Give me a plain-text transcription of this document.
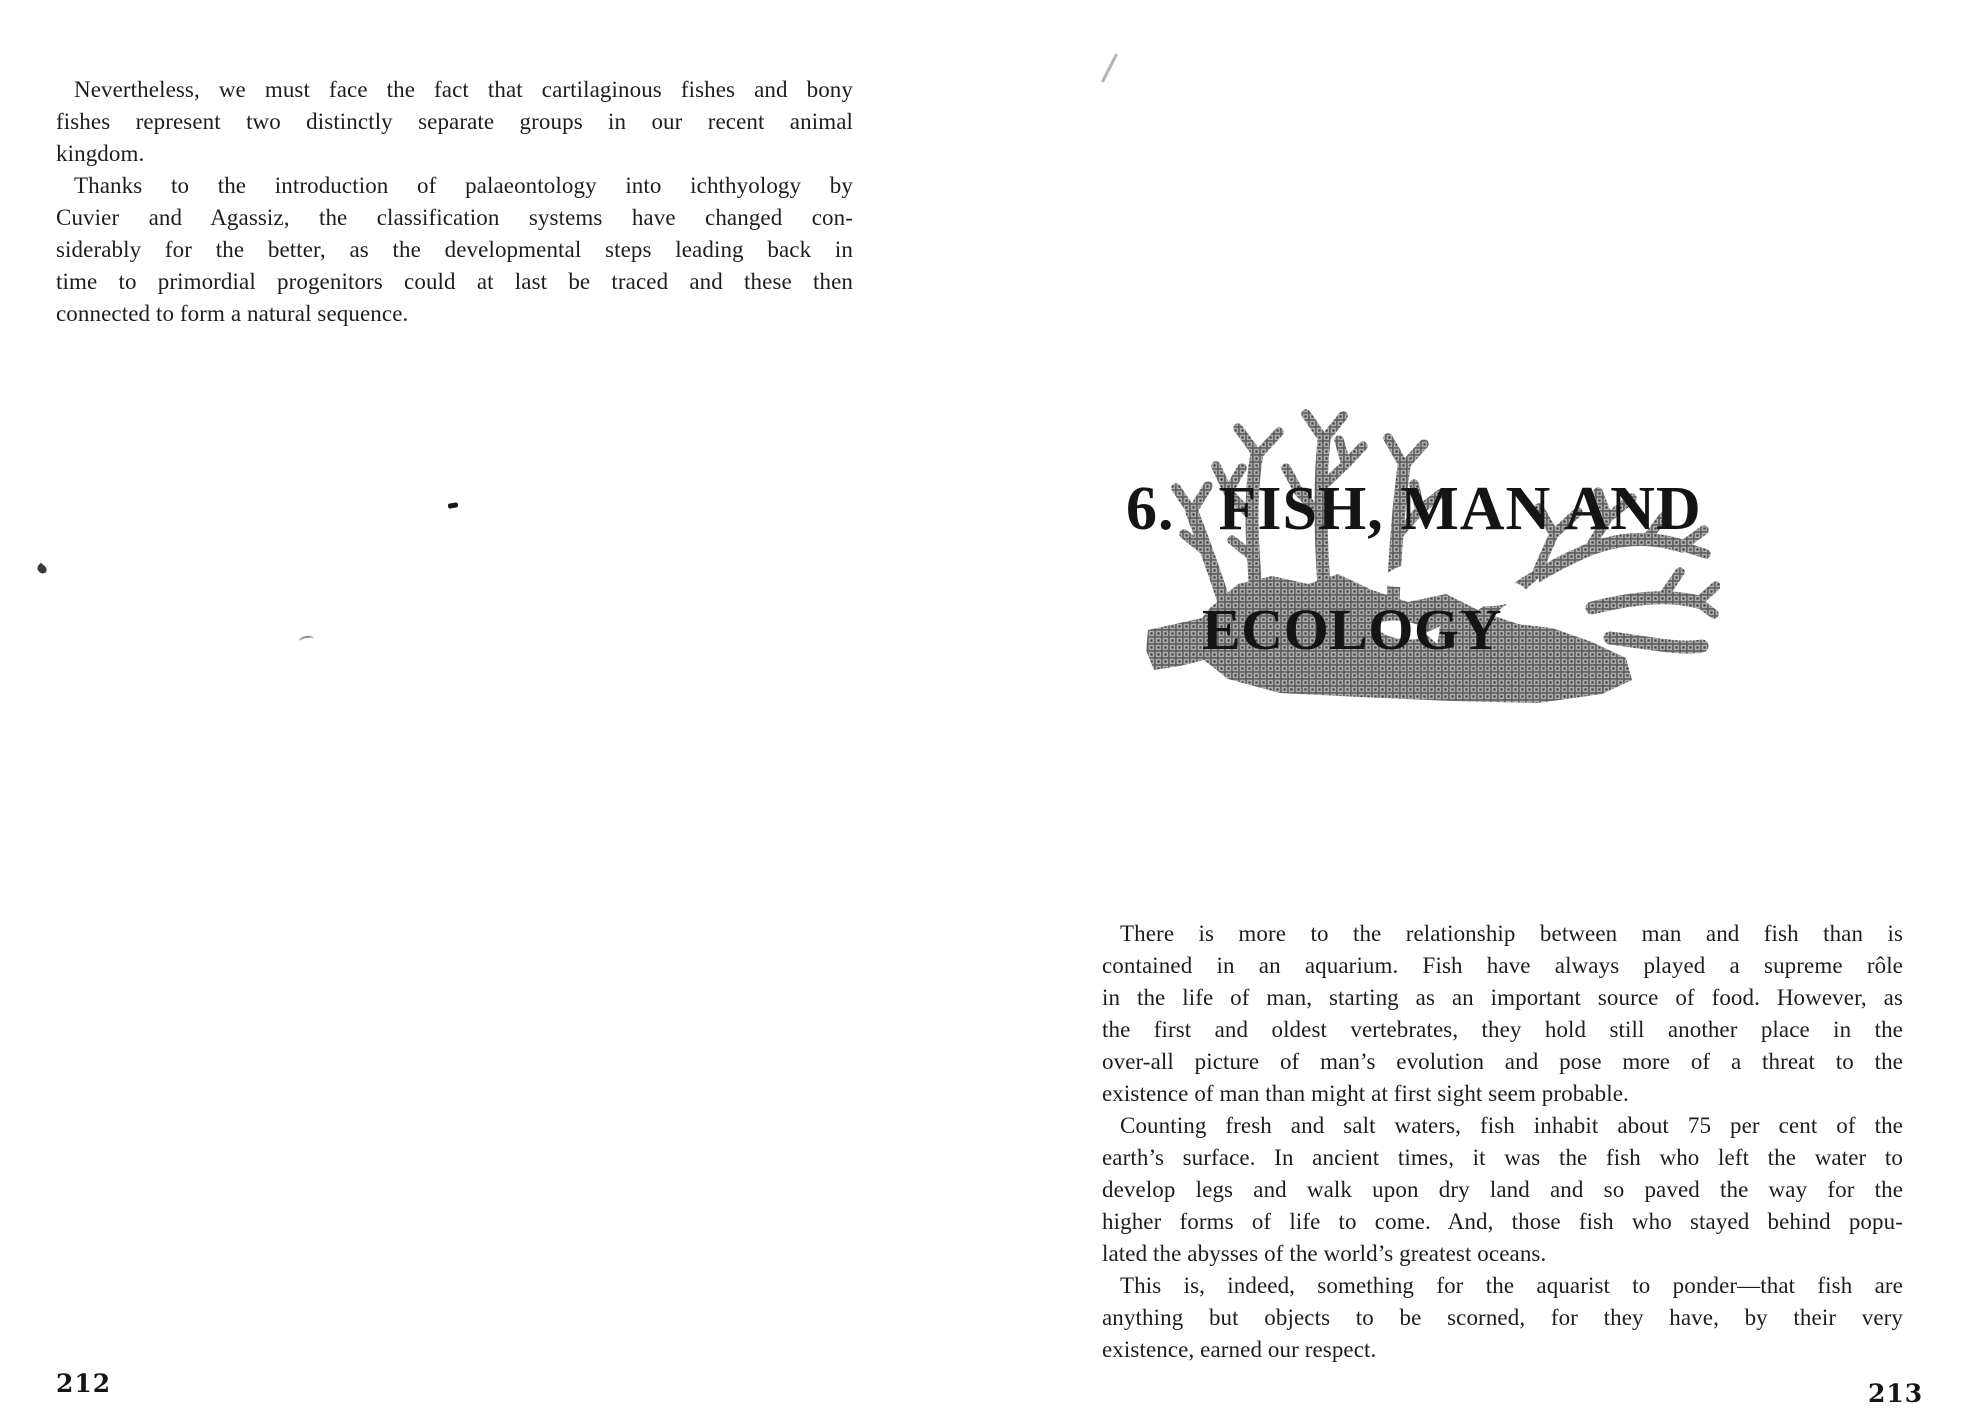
Nevertheless, we must face the fact that cartilaginous fishes and bony
fishes represent two distinctly separate groups in our recent animal
kingdom.
Thanks to the introduction of palaeontology into ichthyology by
Cuvier and Agassiz, the classification systems have changed con-
siderably for the better, as the developmental steps leading back in
time to primordial progenitors could at last be traced and these then
connected to form a natural sequence.
212
6. FISH, MAN AND
ECOLOGY
There is more to the relationship between man and fish than is
contained in an aquarium. Fish have always played a supreme rôle
in the life of man, starting as an important source of food. However, as
the first and oldest vertebrates, they hold still another place in the
over-all picture of man’s evolution and pose more of a threat to the
existence of man than might at first sight seem probable.
Counting fresh and salt waters, fish inhabit about 75 per cent of the
earth’s surface. In ancient times, it was the fish who left the water to
develop legs and walk upon dry land and so paved the way for the
higher forms of life to come. And, those fish who stayed behind popu-
lated the abysses of the world’s greatest oceans.
This is, indeed, something for the aquarist to ponder—that fish are
anything but objects to be scorned, for they have, by their very
existence, earned our respect.
213
